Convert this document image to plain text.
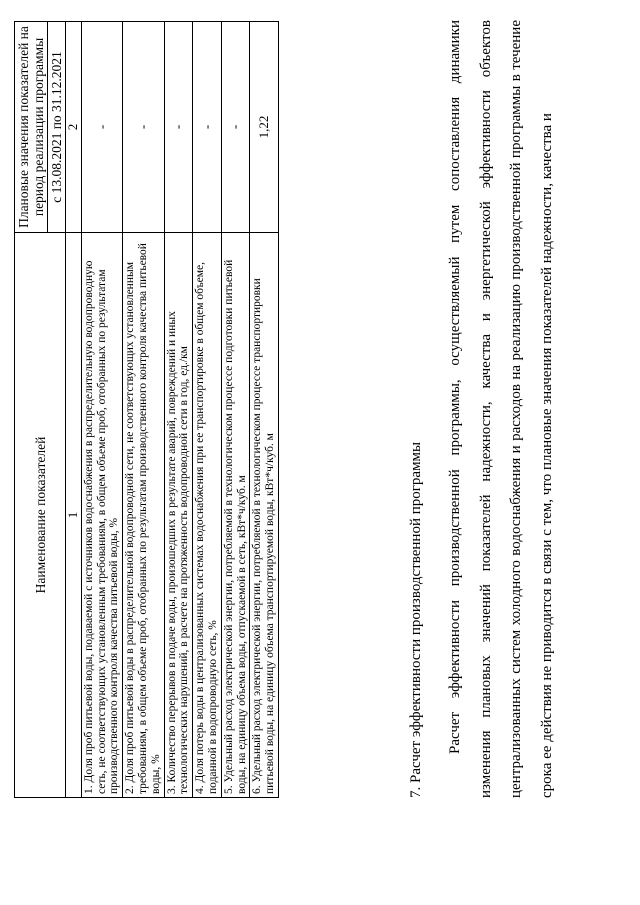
Наименование показателей	Плановые значения показателей на период реализации программы
	с 13.08.2021 по 31.12.2021
1	2
1. Доля проб питьевой воды, подаваемой с источников водоснабжения в распределительную водопроводную сеть, не соответствующих установленным требованиям, в общем объеме проб, отобранных по результатам производственного контроля качества питьевой воды, %	-
2. Доля проб питьевой воды в распределительной водопроводной сети, не соответствующих установленным требованиям, в общем объеме проб, отобранных по результатам производственного контроля качества питьевой воды, %	-
3. Количество перерывов в подаче воды, произошедших в результате аварий, повреждений и иных технологических нарушений, в расчете на протяженность водопроводной сети в год, ед./км	-
4. Доля потерь воды в централизованных системах водоснабжения при ее транспортировке в общем объеме, поданной в водопроводную сеть, %	-
5. Удельный расход электрической энергии, потребляемой в технологическом процессе подготовки питьевой воды, на единицу объема воды, отпускаемой в сеть, кВт*ч/куб. м	-
6. Удельный расход электрической энергии, потребляемой в технологическом процессе транспортировки питьевой воды, на единицу объема транспортируемой воды, кВт*ч/куб. м	1,22
7. Расчет эффективности производственной программы	Расчет эффективности производственной программы, осуществляемый путем сопоставления динамики изменения плановых значений показателей надежности, качества и энергетической эффективности объектов централизованных систем холодного водоснабжения и расходов на реализацию производственной программы в течение срока ее действия не приводится в связи с тем, что плановые значения показателей надежности, качества и
